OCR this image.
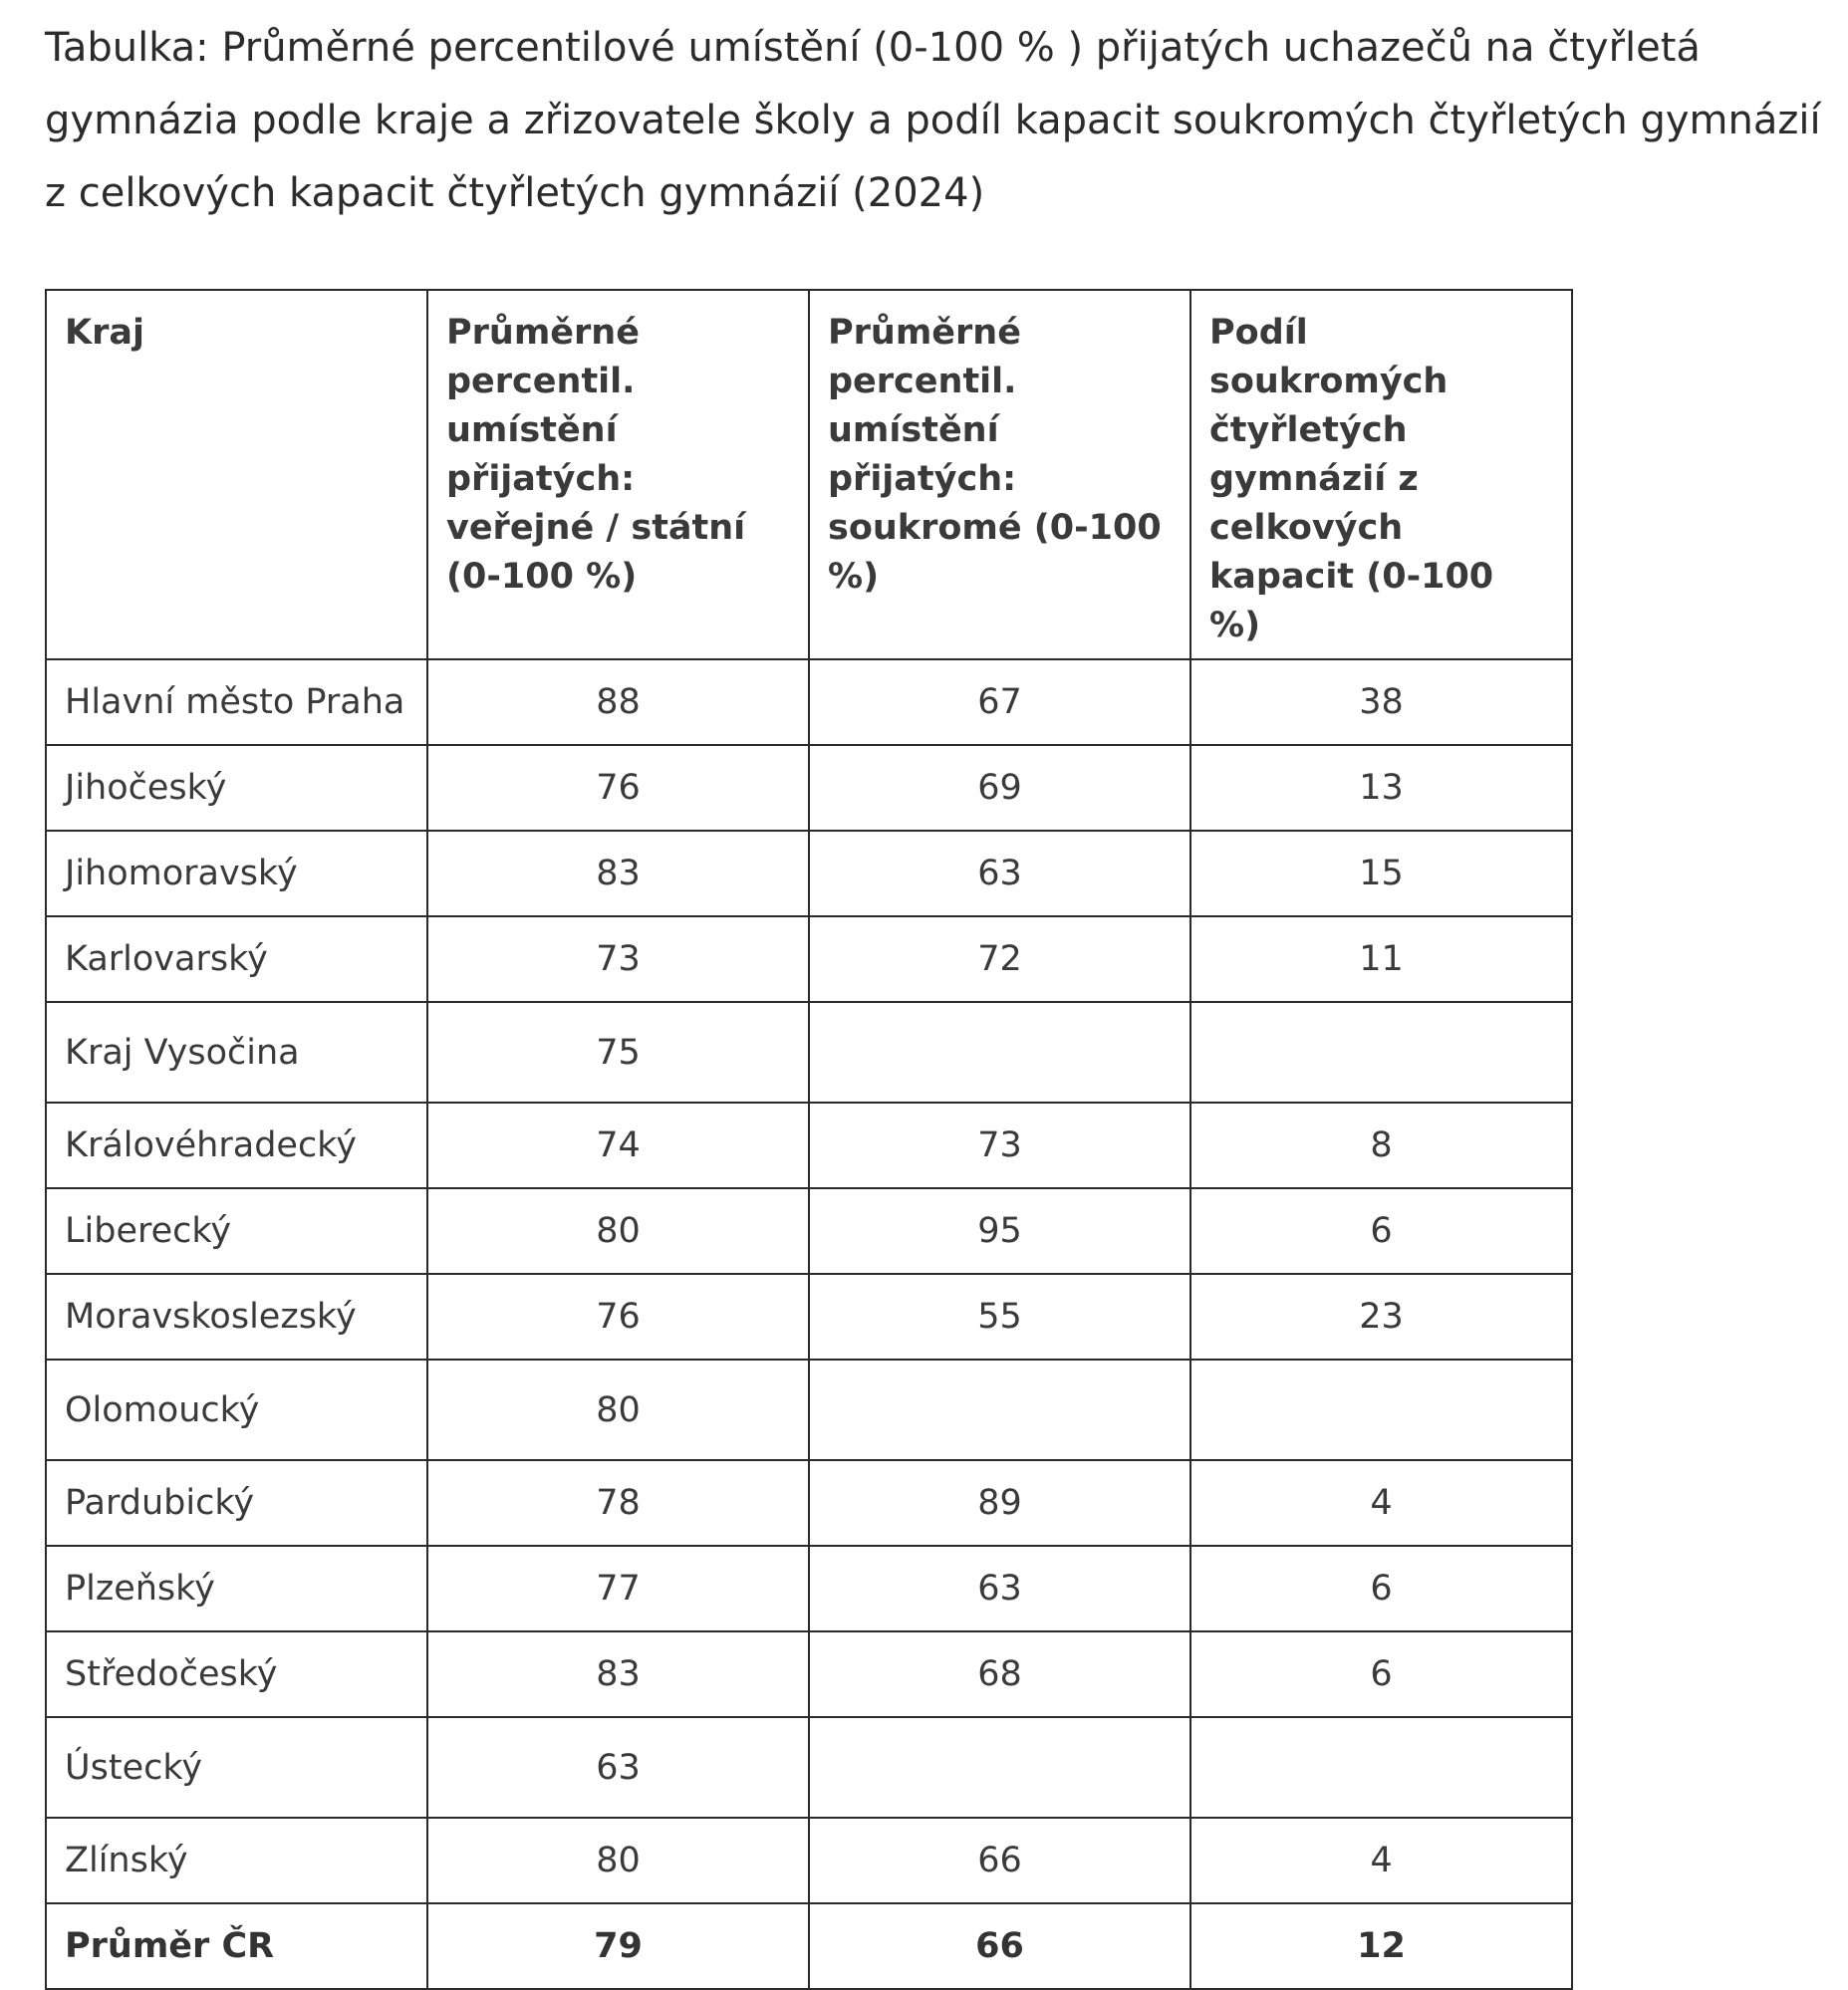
Tabulka: Průměrné percentilové umístění (0-100 % ) přijatých uchazečů na čtyřletá gymnázia podle kraje a zřizovatele školy a podíl kapacit soukromých čtyřletých gymnázií z celkových kapacit čtyřletých gymnázií (2024)
Kraj	Průměrné percentil. umístění přijatých: veřejné / státní (0-100 %)	Průměrné percentil. umístění přijatých: soukromé (0-100 %)	Podíl soukromých čtyřletých gymnázií z celkových kapacit (0-100 %)
Hlavní město Praha	88	67	38
Jihočeský	76	69	13
Jihomoravský	83	63	15
Karlovarský	73	72	11
Kraj Vysočina	75		
Královéhradecký	74	73	8
Liberecký	80	95	6
Moravskoslezský	76	55	23
Olomoucký	80		
Pardubický	78	89	4
Plzeňský	77	63	6
Středočeský	83	68	6
Ústecký	63		
Zlínský	80	66	4
Průměr ČR	79	66	12
